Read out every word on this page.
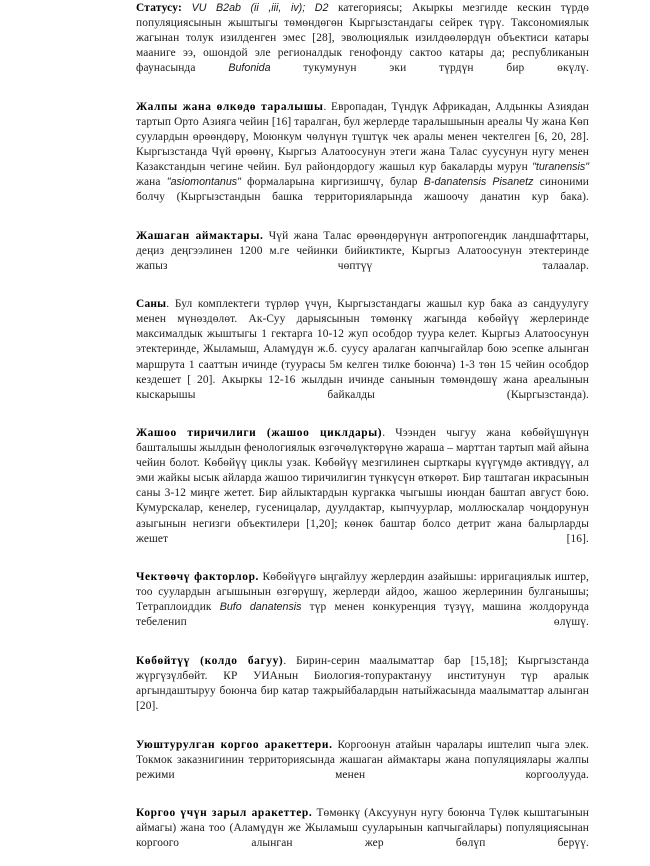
Статусу: VU B2ab (ii ,iii, iv); D2 категориясы; Акыркы мезгилде кескин түрдө популяциясынын жыштыгы төмөндөгөн Кыргызстандагы сейрек түрү. Таксономиялык жагынан толук изилденген эмес [28], эволюциялык изилдөөлөрдүн объектиси катары мааниге ээ, ошондой эле регионалдык генофонду сактоо катары да; республиканын фаунасында Bufonida тукумунун эки түрдүн бир өкүлү.

Жалпы жана өлкөдө таралышы. Европадан, Түндүк Африкадан, Алдынкы Азиядан тартып Орто Азияга чейин [16] таралган, бул жерлерде таралышынын ареалы Чу жана Көп суулардын өрөөндөрү, Моюнкум чөлүнүн түштүк чек аралы менен чектелген [6, 20, 28]. Кыргызстанда Чүй өрөөнү, Кыргыз Алатоосунун этеги жана Талас суусунун нугу менен Казакстандын чегине чейин. Бул райондордогу жашыл кур бакаларды мурун "turanensis" жана "asiomontanus" формаларына киргизишчү, булар B-danatensis Pisanetz синоними болчу (Кыргызстандын башка территорияларында жашоочу данатин кур бака).

Жашаган аймактары. Чүй жана Талас өрөөндөрүнүн антропогендик ландшафттары, деңиз деңгээлинен 1200 м.ге чейинки бийиктикте, Кыргыз Алатоосунун этектеринде жапыз чөптүү талаалар.

Саны. Бул комплектеги түрлөр үчүн, Кыргызстандагы жашыл кур бака аз сандуулугу менен мүнөздөлөт. Ак-Суу дарыясынын төмөнкү жагында көбөйүү жерлеринде максималдык жыштыгы 1 гектарга 10-12 жуп особдор туура келет. Кыргыз Алатоосунун этектеринде, Жыламыш, Аламүдүн ж.б. суусу аралаган капчыгайлар бою эсепке алынган маршрута 1 сааттын ичинде (туурасы 5м келген тилке боюнча) 1-3 төн 15 чейин особдор кездешет [ 20]. Акыркы 12-16 жылдын ичинде санынын төмөндөшү жана ареалынын кыскарышы байкалды (Кыргызстанда).

Жашоо тиричилиги (жашоо циклдары). Чээнден чыгуу жана көбөйүшүнүн башталышы жылдын фенологиялык өзгөчөлүктөрүнө жараша – марттан тартып май айына чейин болот. Көбөйүү циклы узак. Көбөйүү мезгилинен сырткары күүгүмдө активдүү, ал эми жайкы ысык айларда жашоо тиричилигин түнкүсүн өткөрөт. Бир таштаган икрасынын саны 3-12 миңге жетет. Бир айлыктардын кургакка чыгышы июндан баштап август бою. Кумурскалар, кенелер, гусеницалар, дуулдактар, кыпчуурлар, моллюскалар чоңдорунун азыгынын негизги объектилери [1,20]; көнөк баштар болсо детрит жана балырларды жешет [16].

Чектөөчү факторлор. Көбөйүүгө ыңгайлуу жерлердин азайышы: ирригациялык иштер, тоо суулардын агышынын өзгөрүшү, жерлерди айдоо, жашоо жерлеринин булганышы; Тетраплоиддик Bufo danatensis түр менен конкуренция түзүү, машина жолдорунда тебеленип өлүшү.

Көбөйтүү (колдо багуу). Бирин-серин маалыматтар бар [15,18]; Кыргызстанда жүргүзүлбөйт. КР УИАнын Биология-топурактануу институнун түр аралык аргындаштыруу боюнча бир катар тажрыйбалардын натыйжасында маалыматтар алынган [20].

Уюштурулган коргоо аракеттери. Коргоонун атайын чаралары иштелип чыга элек. Токмок заказнигинин территориясында жашаган аймактары жана популяциялары жалпы режими менен коргоолууда.

Коргоо үчүн зарыл аракеттер. Төмөнкү (Аксуунун нугу боюнча Түлөк кыштагынын аймагы) жана тоо (Аламүдүн же Жыламыш сууларынын капчыгайлары) популяциясынан коргоого алынган жер бөлүп берүү.
